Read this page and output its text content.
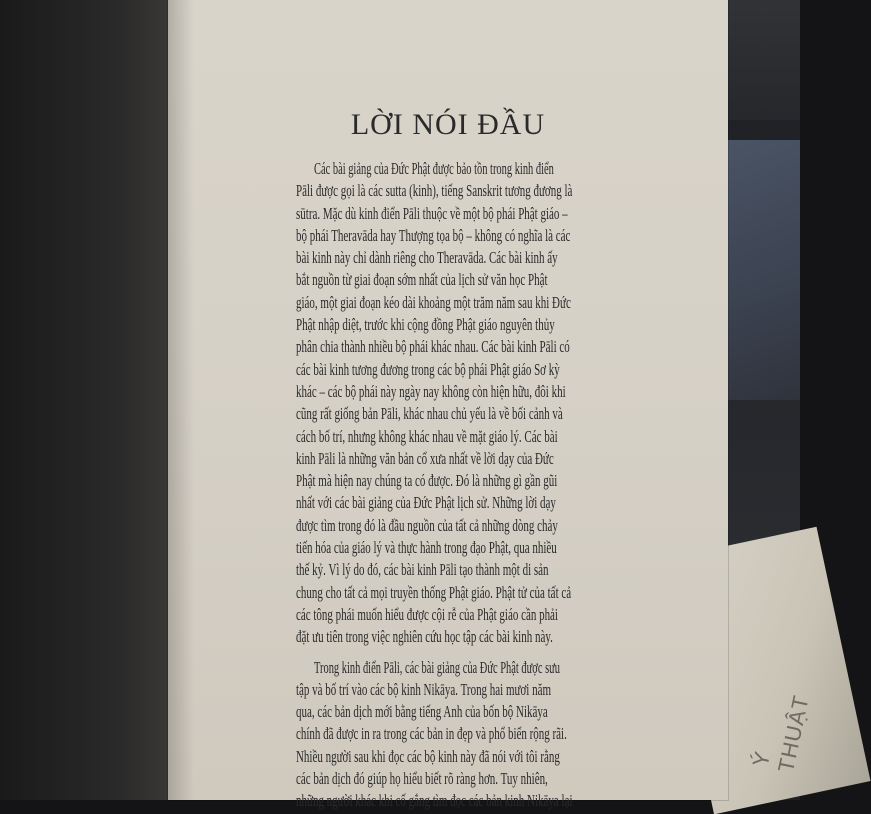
Ý THUẬT
LỜI NÓI ĐẦU
Các bài giảng của Đức Phật được bảo tồn trong kinh điển
Pāli được gọi là các sutta (kinh), tiếng Sanskrit tương đương là
sūtra. Mặc dù kinh điển Pāli thuộc về một bộ phái Phật giáo –
bộ phái Theravāda hay Thượng tọa bộ – không có nghĩa là các
bài kinh này chỉ dành riêng cho Theravāda. Các bài kinh ấy
bắt nguồn từ giai đoạn sớm nhất của lịch sử văn học Phật
giáo, một giai đoạn kéo dài khoảng một trăm năm sau khi Đức
Phật nhập diệt, trước khi cộng đồng Phật giáo nguyên thủy
phân chia thành nhiều bộ phái khác nhau. Các bài kinh Pāli có
các bài kinh tương đương trong các bộ phái Phật giáo Sơ kỳ
khác – các bộ phái này ngày nay không còn hiện hữu, đôi khi
cũng rất giống bản Pāli, khác nhau chủ yếu là về bối cảnh và
cách bố trí, nhưng không khác nhau về mặt giáo lý. Các bài
kinh Pāli là những văn bản cổ xưa nhất về lời dạy của Đức
Phật mà hiện nay chúng ta có được. Đó là những gì gần gũi
nhất với các bài giảng của Đức Phật lịch sử. Những lời dạy
được tìm trong đó là đầu nguồn của tất cả những dòng chảy
tiến hóa của giáo lý và thực hành trong đạo Phật, qua nhiều
thế kỷ. Vì lý do đó, các bài kinh Pāli tạo thành một di sản
chung cho tất cả mọi truyền thống Phật giáo. Phật tử của tất cả
các tông phái muốn hiểu được cội rễ của Phật giáo cần phải
đặt ưu tiên trong việc nghiên cứu học tập các bài kinh này.
Trong kinh điển Pāli, các bài giảng của Đức Phật được sưu
tập và bố trí vào các bộ kinh Nikāya. Trong hai mươi năm
qua, các bản dịch mới bằng tiếng Anh của bốn bộ Nikāya
chính đã được in ra trong các bản in đẹp và phổ biến rộng rãi.
Nhiều người sau khi đọc các bộ kinh này đã nói với tôi rằng
các bản dịch đó giúp họ hiểu biết rõ ràng hơn. Tuy nhiên,
những người khác khi cố gắng tìm đọc các bản kinh Nikāya lại
